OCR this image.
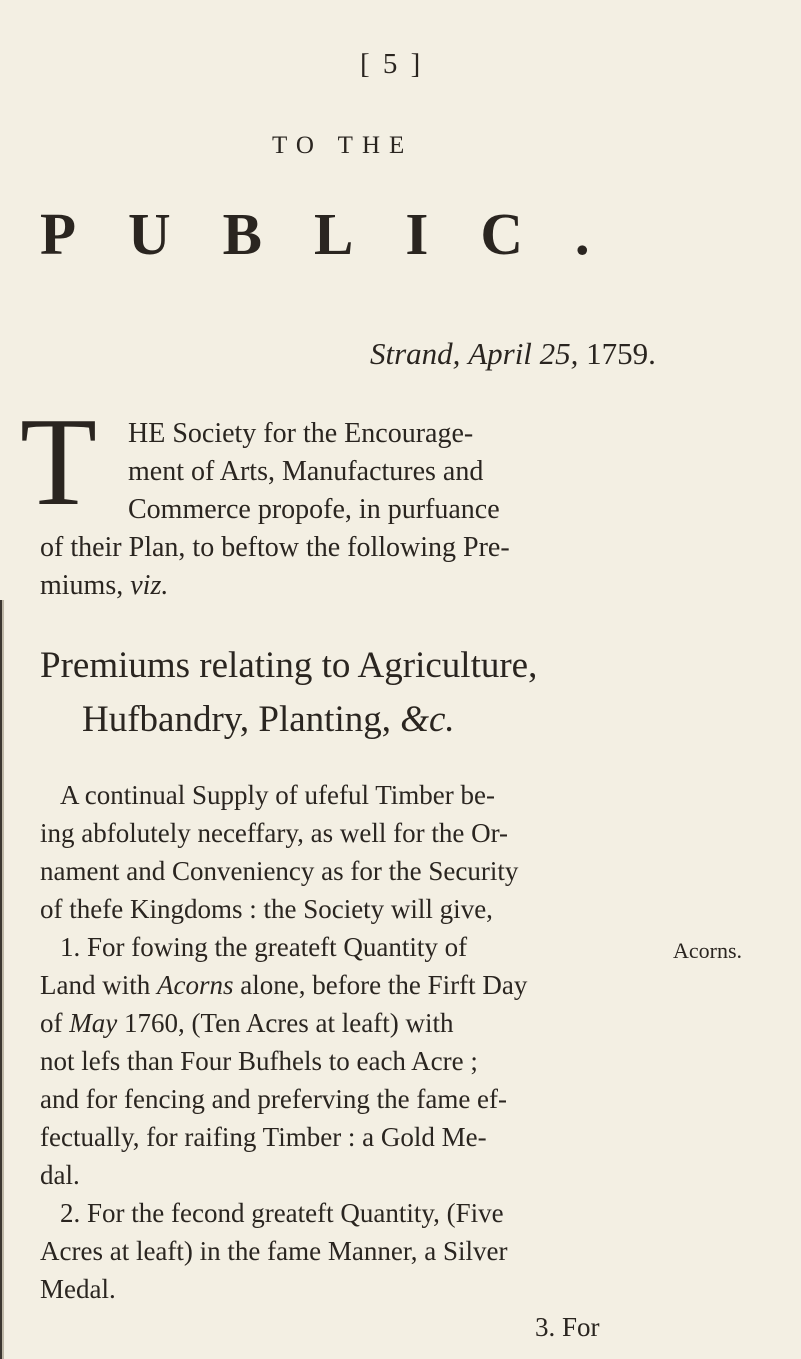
[ 5 ]
TO THE
PUBLIC.
Strand, April 25, 1759.
T HE Society for the Encourage-
ment of Arts, Manufactures and
Commerce propofe, in purfuance
of their Plan, to beftow the following Pre-
miums, viz.
Premiums relating to Agriculture,
Hufbandry, Planting, &c.
A continual Supply of ufeful Timber be-
ing abfolutely neceffary, as well for the Or-
nament and Conveniency as for the Security
of thefe Kingdoms : the Society will give,
1. For fowing the greateft Quantity of	Acorns.
Land with Acorns alone, before the Firft Day
of May 1760, (Ten Acres at leaft) with
not lefs than Four Bufhels to each Acre ;
and for fencing and preferving the fame ef-
fectually, for raifing Timber : a Gold Me-
dal.
2. For the fecond greateft Quantity, (Five
Acres at leaft) in the fame Manner, a Silver
Medal.
3. For
